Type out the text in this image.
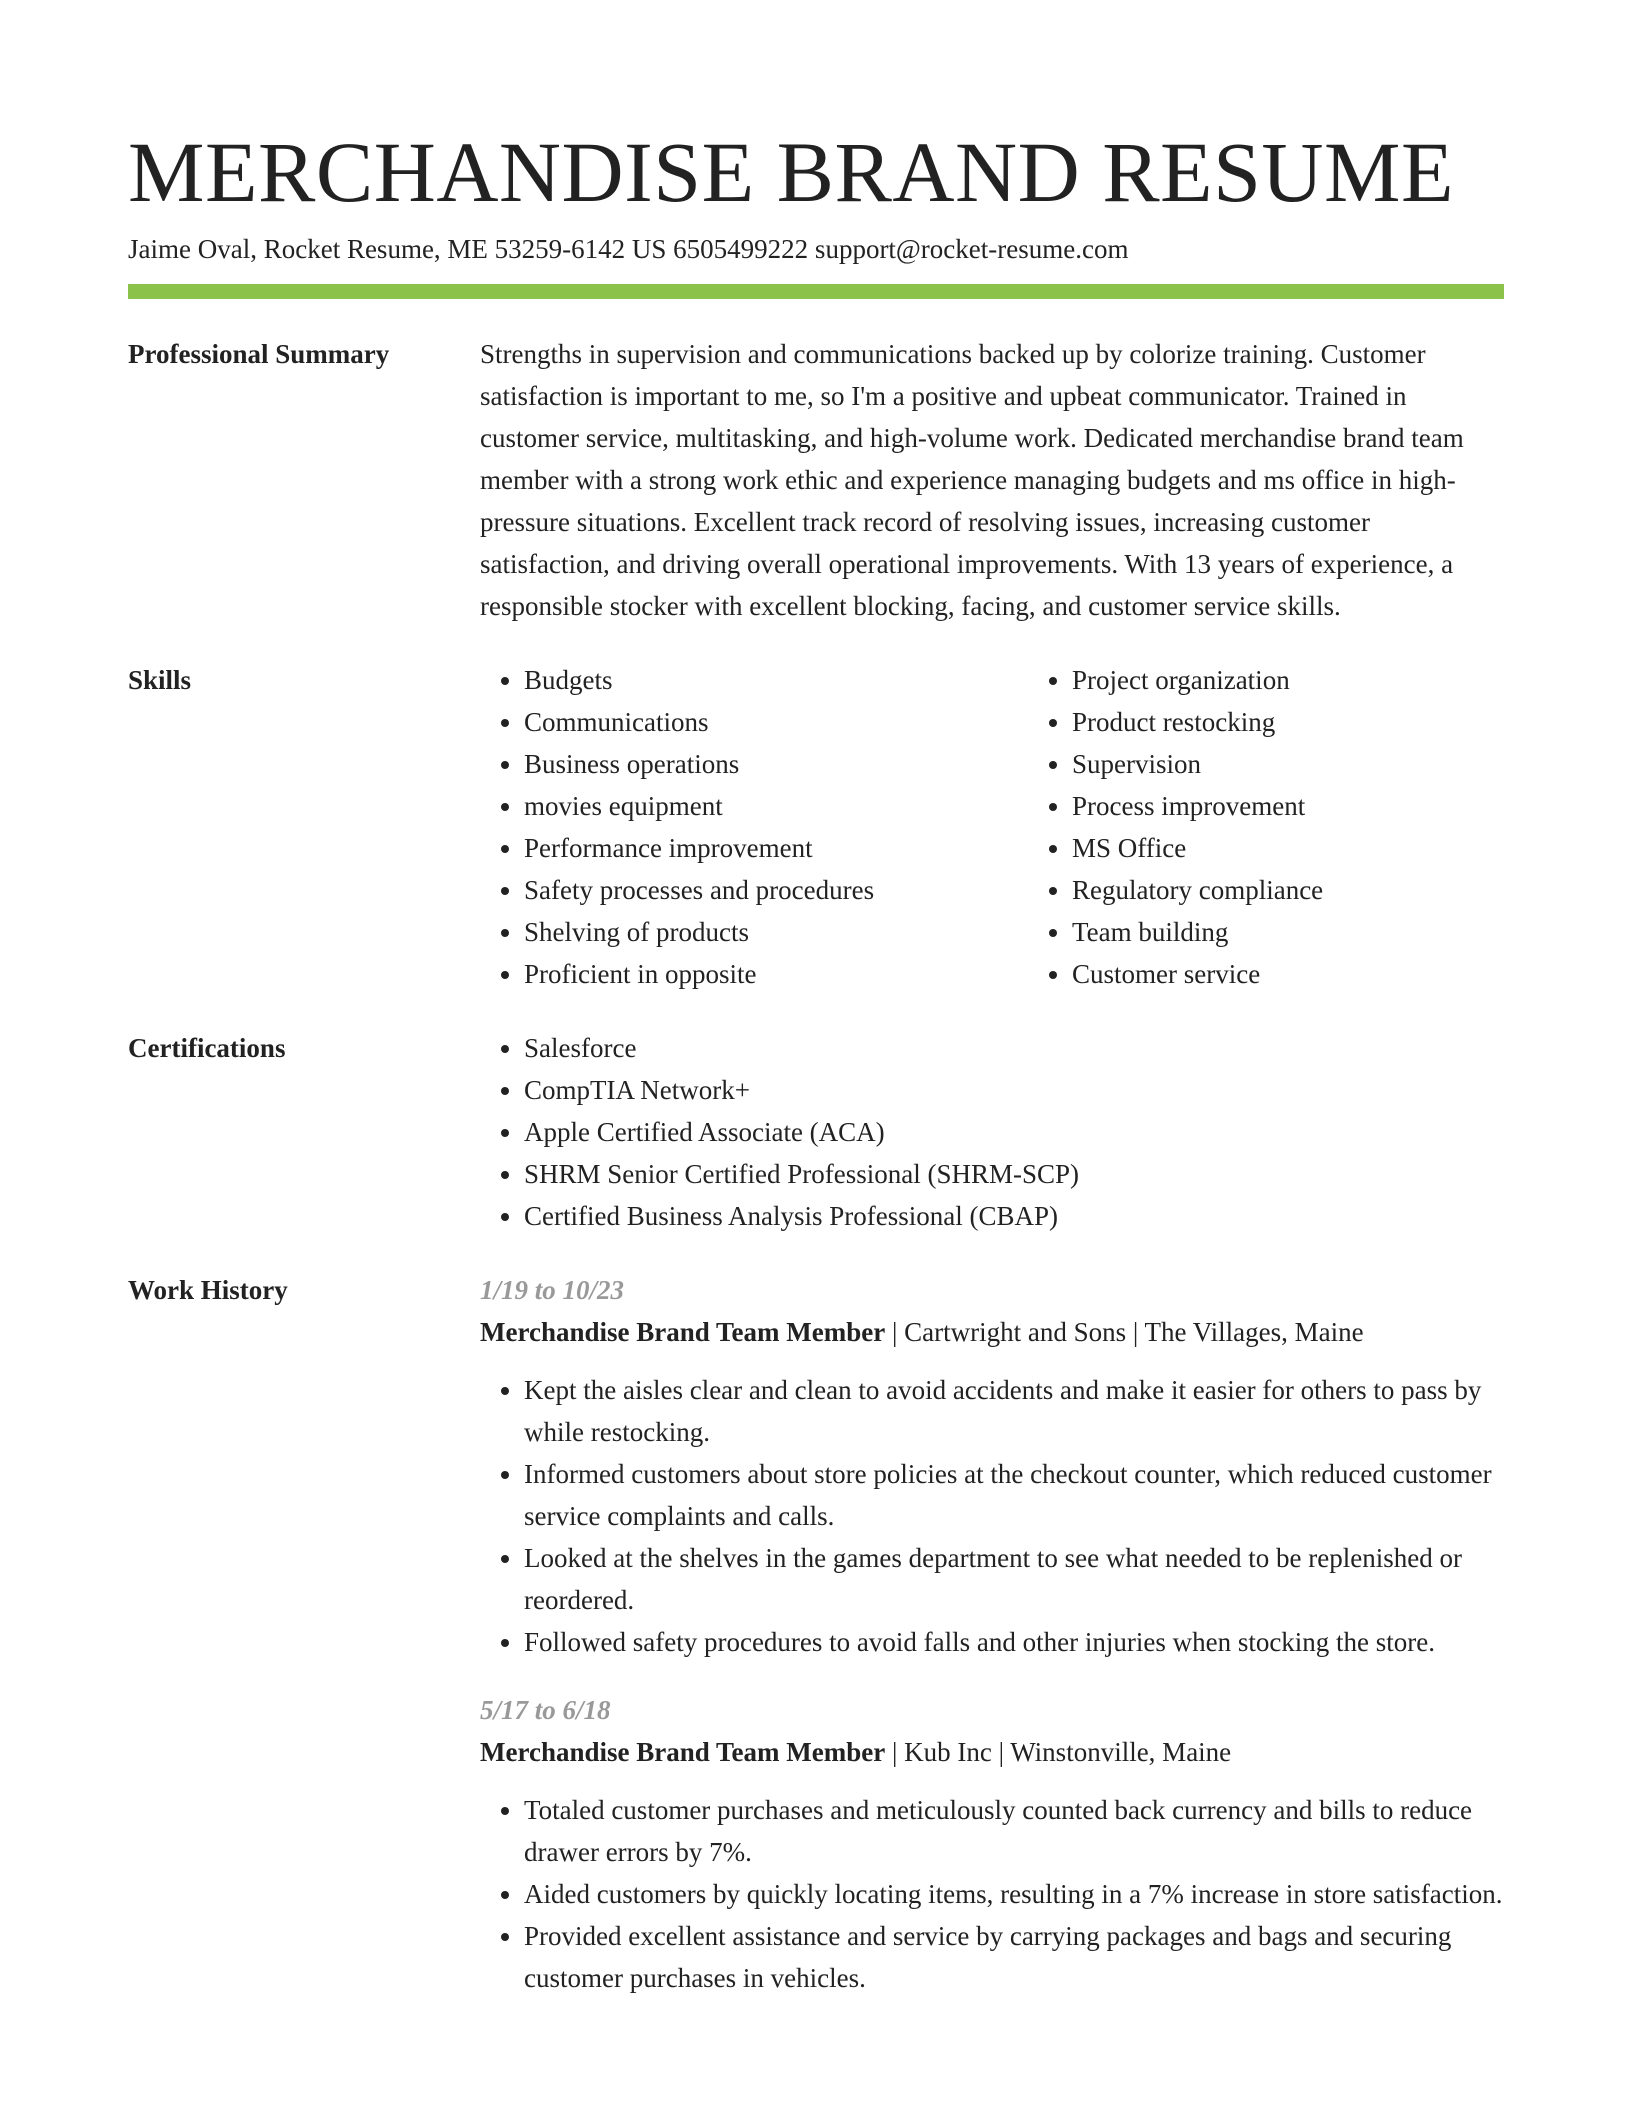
MERCHANDISE BRAND RESUME
Jaime Oval, Rocket Resume, ME 53259-6142 US 6505499222 support@rocket-resume.com
Professional Summary	Strengths in supervision and communications backed up by colorize training. Customer satisfaction is important to me, so I'm a positive and upbeat communicator. Trained in customer service, multitasking, and high-volume work. Dedicated merchandise brand team member with a strong work ethic and experience managing budgets and ms office in high-pressure situations. Excellent track record of resolving issues, increasing customer satisfaction, and driving overall operational improvements. With 13 years of experience, a responsible stocker with excellent blocking, facing, and customer service skills.

Skills	• Budgets
• Communications
• Business operations
• movies equipment
• Performance improvement
• Safety processes and procedures
• Shelving of products
• Proficient in opposite
• Project organization
• Product restocking
• Supervision
• Process improvement
• MS Office
• Regulatory compliance
• Team building
• Customer service
Certifications	• Salesforce
• CompTIA Network+
• Apple Certified Associate (ACA)
• SHRM Senior Certified Professional (SHRM-SCP)
• Certified Business Analysis Professional (CBAP)
Work History	1/19 to 10/23
Merchandise Brand Team Member | Cartwright and Sons | The Villages, Maine
• Kept the aisles clear and clean to avoid accidents and make it easier for others to pass by while restocking.
• Informed customers about store policies at the checkout counter, which reduced customer service complaints and calls.
• Looked at the shelves in the games department to see what needed to be replenished or reordered.
• Followed safety procedures to avoid falls and other injuries when stocking the store.
5/17 to 6/18
Merchandise Brand Team Member | Kub Inc | Winstonville, Maine
• Totaled customer purchases and meticulously counted back currency and bills to reduce drawer errors by 7%.
• Aided customers by quickly locating items, resulting in a 7% increase in store satisfaction.
• Provided excellent assistance and service by carrying packages and bags and securing customer purchases in vehicles.
